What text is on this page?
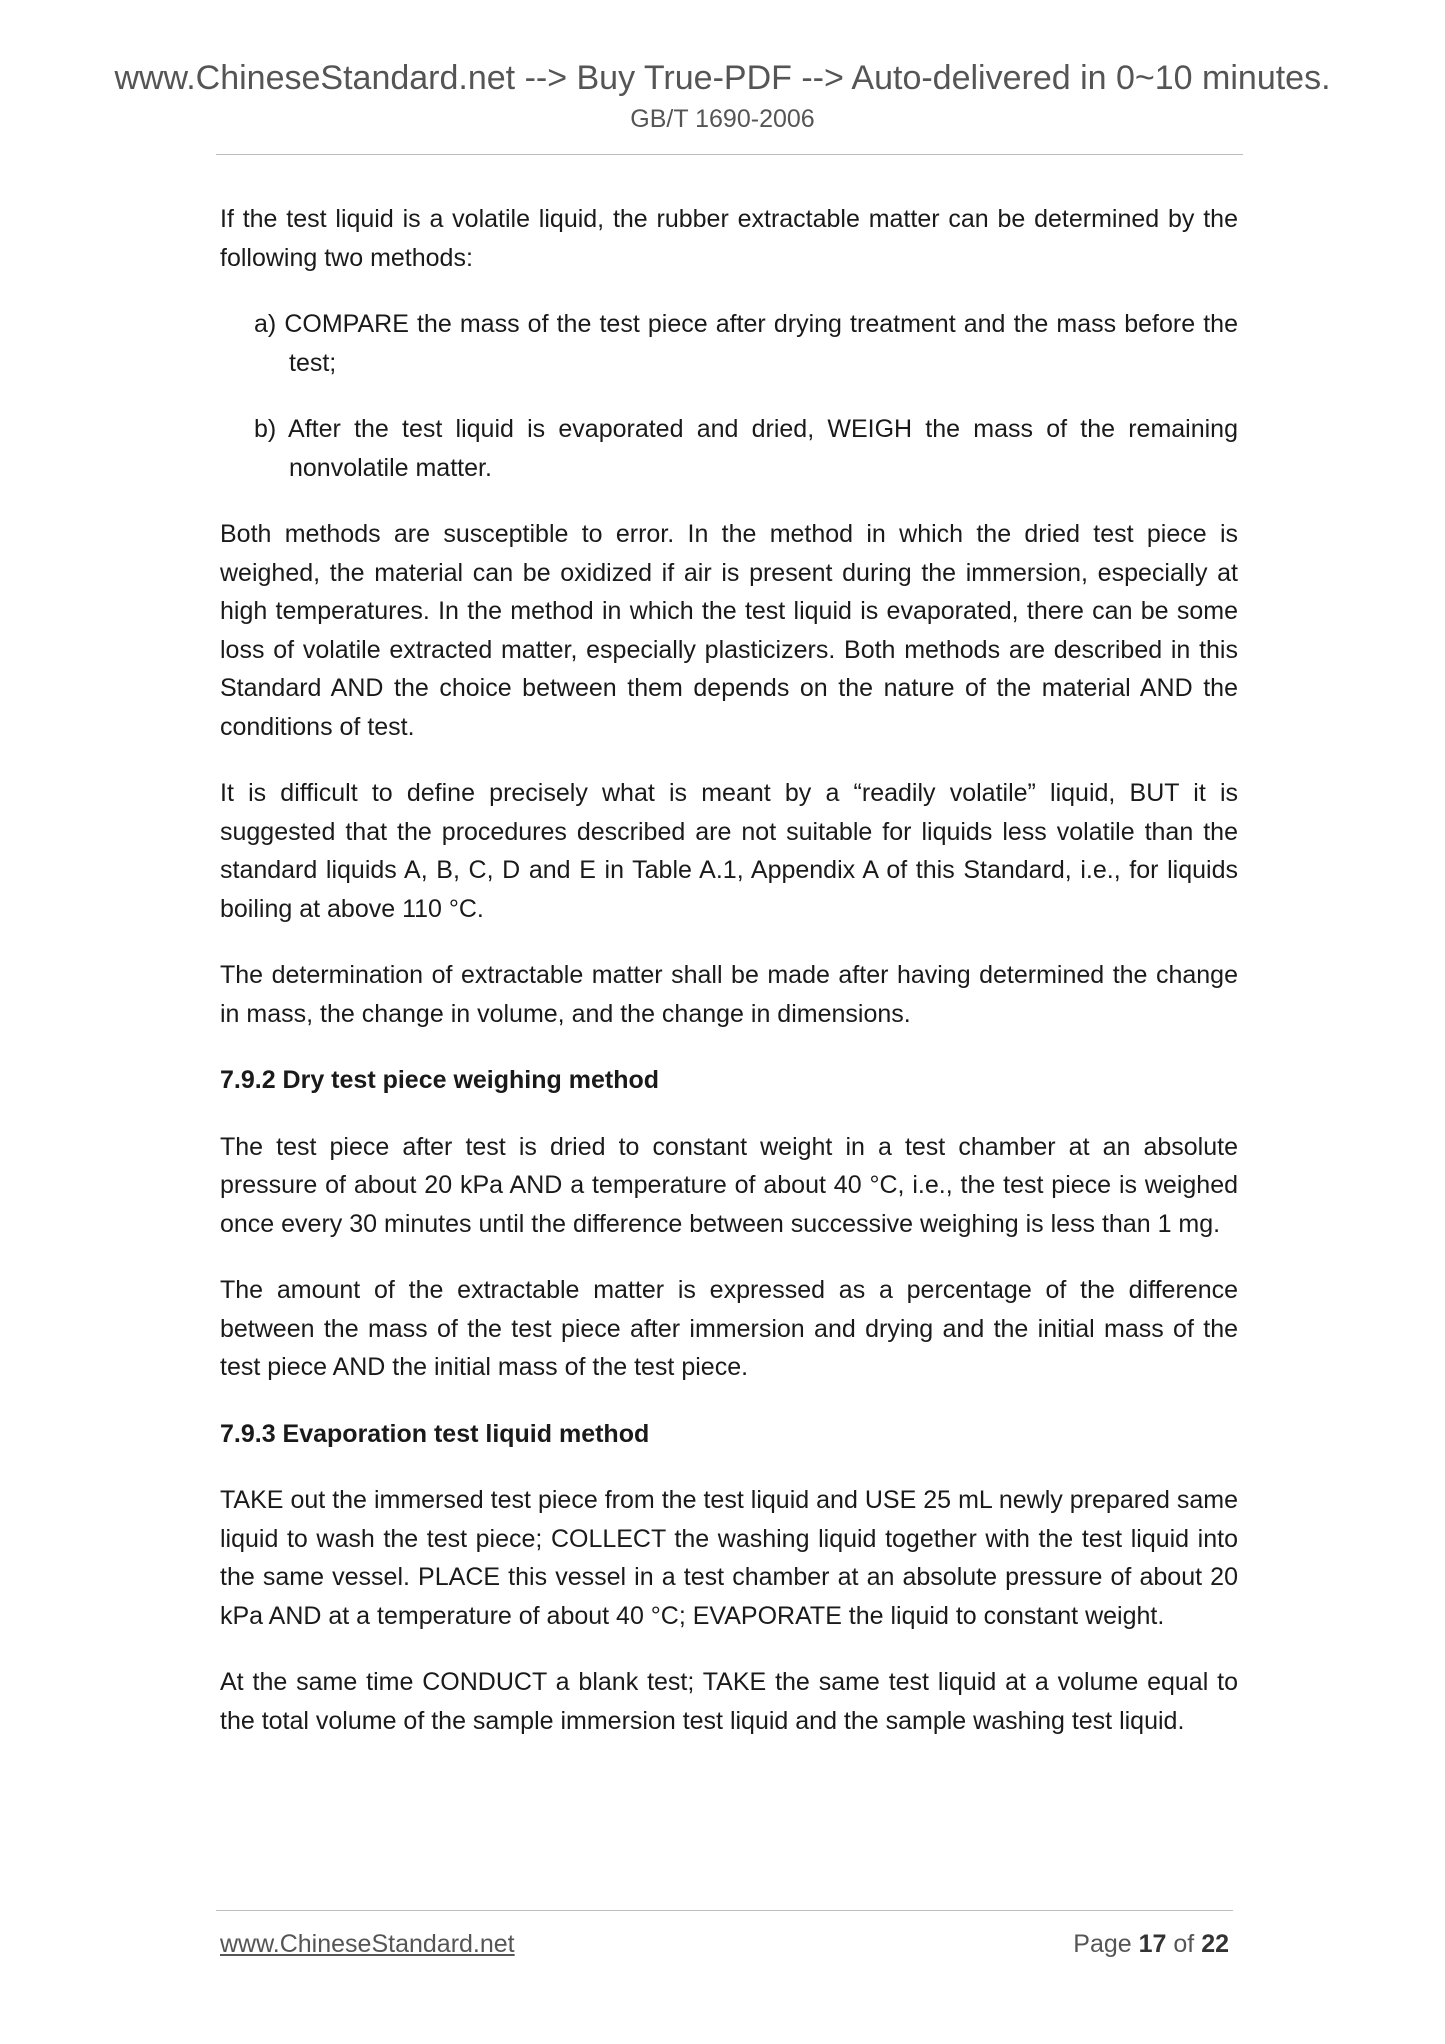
www.ChineseStandard.net --> Buy True-PDF --> Auto-delivered in 0~10 minutes.
GB/T 1690-2006

If the test liquid is a volatile liquid, the rubber extractable matter can be determined by the following two methods:

a) COMPARE the mass of the test piece after drying treatment and the mass before the test;

b) After the test liquid is evaporated and dried, WEIGH the mass of the remaining nonvolatile matter.

Both methods are susceptible to error. In the method in which the dried test piece is weighed, the material can be oxidized if air is present during the immersion, especially at high temperatures. In the method in which the test liquid is evaporated, there can be some loss of volatile extracted matter, especially plasticizers. Both methods are described in this Standard AND the choice between them depends on the nature of the material AND the conditions of test.

It is difficult to define precisely what is meant by a “readily volatile” liquid, BUT it is suggested that the procedures described are not suitable for liquids less volatile than the standard liquids A, B, C, D and E in Table A.1, Appendix A of this Standard, i.e., for liquids boiling at above 110 °C.

The determination of extractable matter shall be made after having determined the change in mass, the change in volume, and the change in dimensions.

7.9.2 Dry test piece weighing method

The test piece after test is dried to constant weight in a test chamber at an absolute pressure of about 20 kPa AND a temperature of about 40 °C, i.e., the test piece is weighed once every 30 minutes until the difference between successive weighing is less than 1 mg.

The amount of the extractable matter is expressed as a percentage of the difference between the mass of the test piece after immersion and drying and the initial mass of the test piece AND the initial mass of the test piece.

7.9.3 Evaporation test liquid method

TAKE out the immersed test piece from the test liquid and USE 25 mL newly prepared same liquid to wash the test piece; COLLECT the washing liquid together with the test liquid into the same vessel. PLACE this vessel in a test chamber at an absolute pressure of about 20 kPa AND at a temperature of about 40 °C; EVAPORATE the liquid to constant weight.

At the same time CONDUCT a blank test; TAKE the same test liquid at a volume equal to the total volume of the sample immersion test liquid and the sample washing test liquid.

www.ChineseStandard.net	Page 17 of 22
